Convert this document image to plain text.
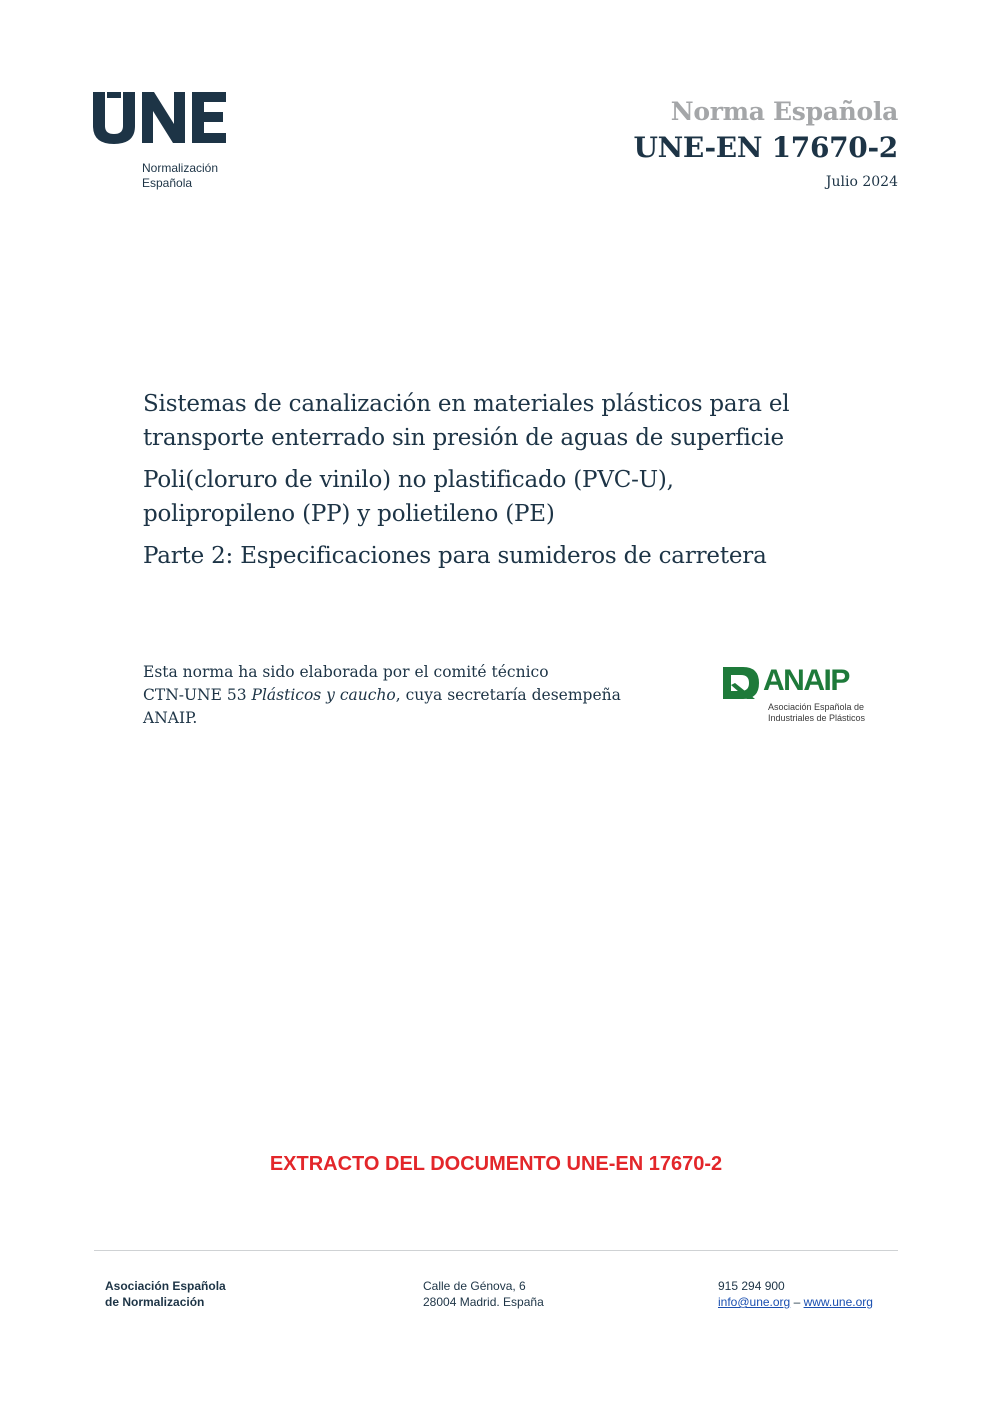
Normalización
Española
Norma Española
UNE-EN 17670-2
Julio 2024

Sistemas de canalización en materiales plásticos para el transporte enterrado sin presión de aguas de superficie

Poli(cloruro de vinilo) no plastificado (PVC-U), polipropileno (PP) y polietileno (PE)

Parte 2: Especificaciones para sumideros de carretera

Esta norma ha sido elaborada por el comité técnico
CTN-UNE 53 Plásticos y caucho, cuya secretaría desempeña
ANAIP.
ANAIP
Asociación Española de
Industriales de Plásticos
EXTRACTO DEL DOCUMENTO UNE-EN 17670-2
Asociación Española
de Normalización
Calle de Génova, 6
28004 Madrid. España
915 294 900
info@une.org – www.une.org
